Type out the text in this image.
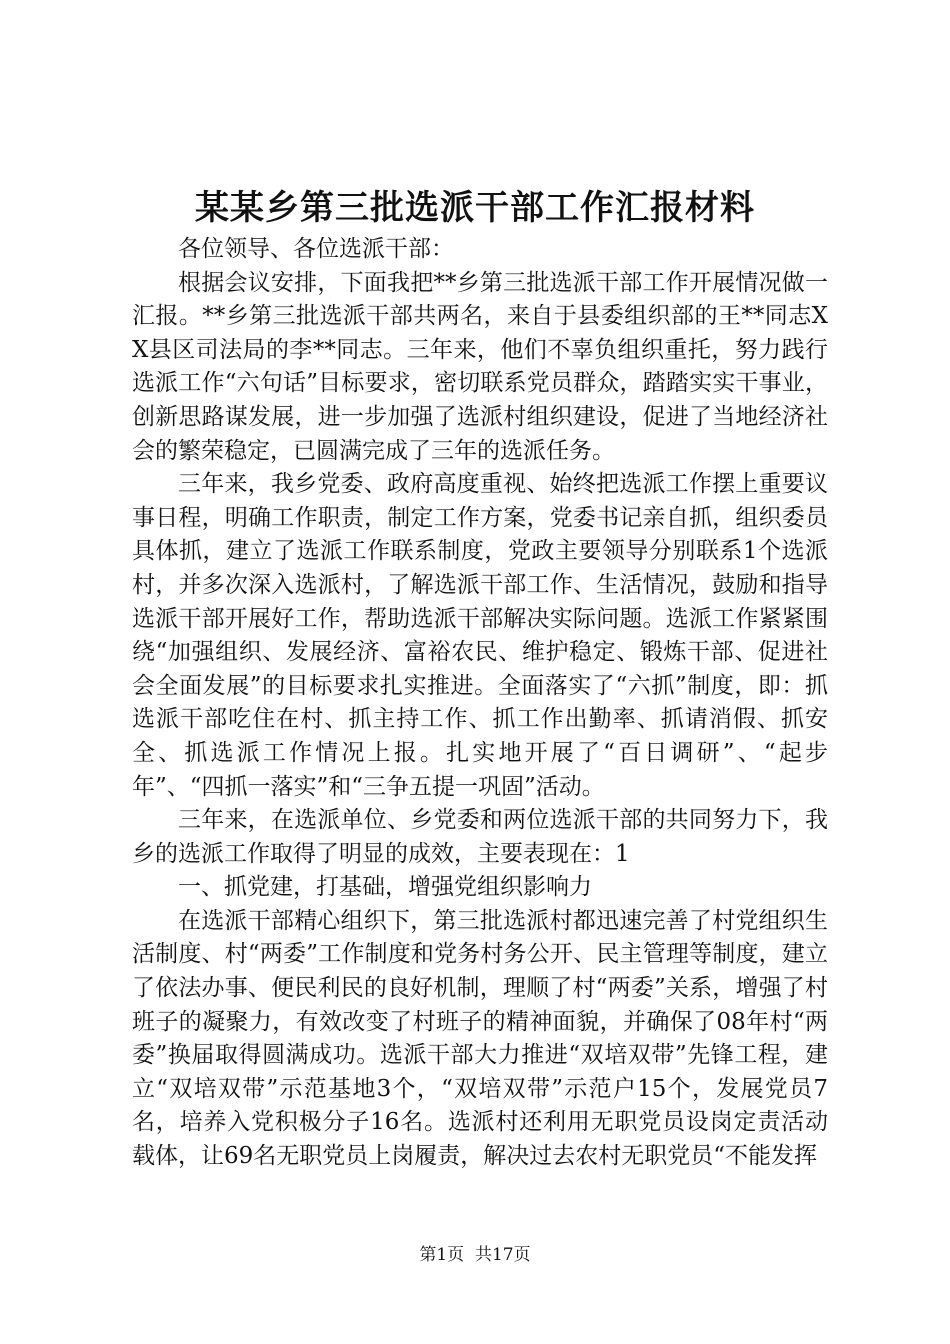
某某乡第三批选派干部工作汇报材料

各位领导、各位选派干部：

根据会议安排，下面我把**乡第三批选派干部工作开展情况做一汇报。**乡第三批选派干部共两名，来自于县委组织部的王**同志XX县区司法局的李**同志。三年来，他们不辜负组织重托，努力践行选派工作“六句话”目标要求，密切联系党员群众，踏踏实实干事业，创新思路谋发展，进一步加强了选派村组织建设，促进了当地经济社会的繁荣稳定，已圆满完成了三年的选派任务。

三年来，我乡党委、政府高度重视、始终把选派工作摆上重要议事日程，明确工作职责，制定工作方案，党委书记亲自抓，组织委员具体抓，建立了选派工作联系制度，党政主要领导分别联系1个选派村，并多次深入选派村，了解选派干部工作、生活情况，鼓励和指导选派干部开展好工作，帮助选派干部解决实际问题。选派工作紧紧围绕“加强组织、发展经济、富裕农民、维护稳定、锻炼干部、促进社会全面发展”的目标要求扎实推进。全面落实了“六抓”制度，即：抓选派干部吃住在村、抓主持工作、抓工作出勤率、抓请消假、抓安全、抓选派工作情况上报。扎实地开展了“百日调研”、“起步年”、“四抓一落实”和“三争五提一巩固”活动。

三年来，在选派单位、乡党委和两位选派干部的共同努力下，我乡的选派工作取得了明显的成效，主要表现在：1

一、抓党建，打基础，增强党组织影响力

在选派干部精心组织下，第三批选派村都迅速完善了村党组织生活制度、村“两委”工作制度和党务村务公开、民主管理等制度，建立了依法办事、便民利民的良好机制，理顺了村“两委”关系，增强了村班子的凝聚力，有效改变了村班子的精神面貌，并确保了08年村“两委”换届取得圆满成功。选派干部大力推进“双培双带”先锋工程，建立“双培双带”示范基地3个，“双培双带”示范户15个，发展党员7名，培养入党积极分子16名。选派村还利用无职党员设岗定责活动载体，让69名无职党员上岗履责，解决过去农村无职党员“不能发挥

第1页  共17页
